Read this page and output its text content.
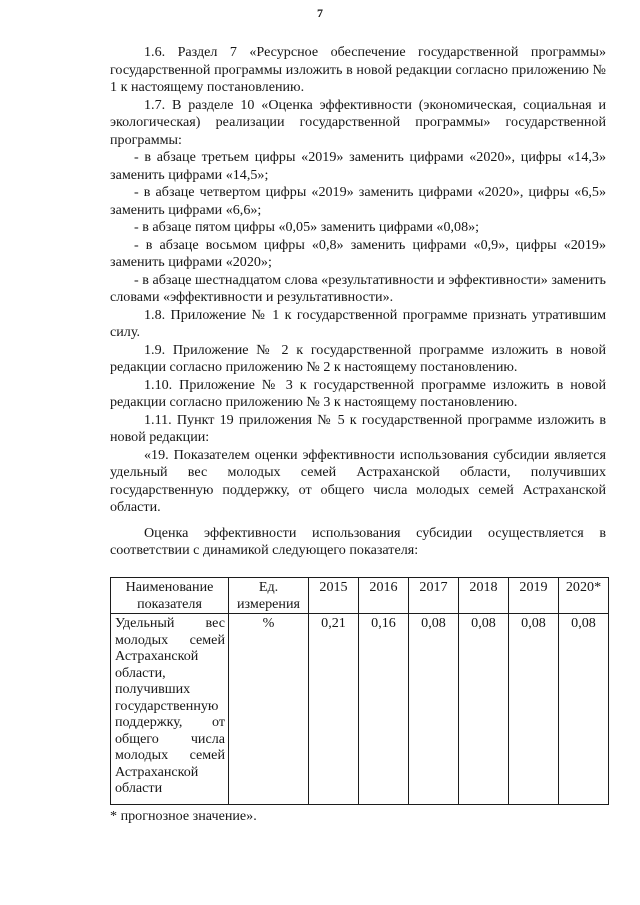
7

1.6. Раздел 7 «Ресурсное обеспечение государственной программы» государственной программы изложить в новой редакции согласно приложению № 1 к настоящему постановлению.

1.7. В разделе 10 «Оценка эффективности (экономическая, социальная и экологическая) реализации государственной программы» государственной программы:

- в абзаце третьем цифры «2019» заменить цифрами «2020», цифры «14,3» заменить цифрами «14,5»;

- в абзаце четвертом цифры «2019» заменить цифрами «2020», цифры «6,5» заменить цифрами «6,6»;

- в абзаце пятом цифры «0,05» заменить цифрами «0,08»;

- в абзаце восьмом цифры «0,8» заменить цифрами «0,9», цифры «2019» заменить цифрами «2020»;

- в абзаце шестнадцатом слова «результативности и эффективности» заменить словами «эффективности и результативности».

1.8. Приложение № 1 к государственной программе признать утратившим силу.

1.9. Приложение № 2 к государственной программе изложить в новой редакции согласно приложению № 2 к настоящему постановлению.

1.10. Приложение № 3 к государственной программе изложить в новой редакции согласно приложению № 3 к настоящему постановлению.

1.11. Пункт 19 приложения № 5 к государственной программе изложить в новой редакции:

«19. Показателем оценки эффективности использования субсидии является удельный вес молодых семей Астраханской области, получивших государственную поддержку, от общего числа молодых семей Астраханской области.

Оценка эффективности использования субсидии осуществляется в соответствии с динамикой следующего показателя:

Наименование показателя	Ед. измерения	2015	2016	2017	2018	2019	2020*
Удельный вес молодых семей Астраханской области, получивших государственную поддержку, от общего числа молодых семей Астраханской области	%	0,21	0,16	0,08	0,08	0,08	0,08
* прогнозное значение».
